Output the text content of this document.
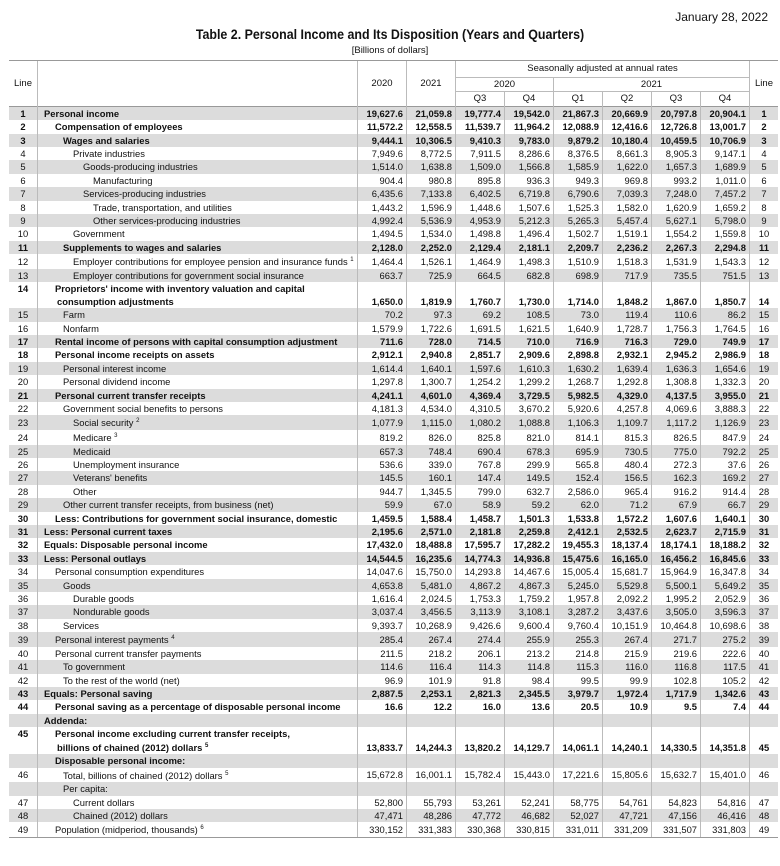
January 28, 2022
Table 2. Personal Income and Its Disposition (Years and Quarters)
[Billions of dollars]
Line		2020	2021	Seasonally adjusted at annual rates						Line
				2020		2021				
				Q3	Q4	Q1	Q2	Q3	Q4	
1	Personal income	19,627.6	21,059.8	19,777.4	19,542.0	21,867.3	20,669.9	20,797.8	20,904.1	1
2	Compensation of employees	11,572.2	12,558.5	11,539.7	11,964.2	12,088.9	12,416.6	12,726.8	13,001.7	2
3	Wages and salaries	9,444.1	10,306.5	9,410.3	9,783.0	9,879.2	10,180.4	10,459.5	10,706.9	3
4	Private industries	7,949.6	8,772.5	7,911.5	8,286.6	8,376.5	8,661.3	8,905.3	9,147.1	4
5	Goods-producing industries	1,514.0	1,638.8	1,509.0	1,566.8	1,585.9	1,622.0	1,657.3	1,689.9	5
6	Manufacturing	904.4	980.8	895.8	936.3	949.3	969.8	993.2	1,011.0	6
7	Services-producing industries	6,435.6	7,133.8	6,402.5	6,719.8	6,790.6	7,039.3	7,248.0	7,457.2	7
8	Trade, transportation, and utilities	1,443.2	1,596.9	1,448.6	1,507.6	1,525.3	1,582.0	1,620.9	1,659.2	8
9	Other services-producing industries	4,992.4	5,536.9	4,953.9	5,212.3	5,265.3	5,457.4	5,627.1	5,798.0	9
10	Government	1,494.5	1,534.0	1,498.8	1,496.4	1,502.7	1,519.1	1,554.2	1,559.8	10
11	Supplements to wages and salaries	2,128.0	2,252.0	2,129.4	2,181.1	2,209.7	2,236.2	2,267.3	2,294.8	11
12	Employer contributions for employee pension and insurance funds $^1$	1,464.4	1,526.1	1,464.9	1,498.3	1,510.9	1,518.3	1,531.9	1,543.3	12
13	Employer contributions for government social insurance	663.7	725.9	664.5	682.8	698.9	717.9	735.5	751.5	13
14	Proprietors' income with inventory valuation and capital
consumption adjustments	1,650.0	1,819.9	1,760.7	1,730.0	1,714.0	1,848.2	1,867.0	1,850.7	14
15	Farm	70.2	97.3	69.2	108.5	73.0	119.4	110.6	86.2	15
16	Nonfarm	1,579.9	1,722.6	1,691.5	1,621.5	1,640.9	1,728.7	1,756.3	1,764.5	16
17	Rental income of persons with capital consumption adjustment	711.6	728.0	714.5	710.0	716.9	716.3	729.0	749.9	17
18	Personal income receipts on assets	2,912.1	2,940.8	2,851.7	2,909.6	2,898.8	2,932.1	2,945.2	2,986.9	18
19	Personal interest income	1,614.4	1,640.1	1,597.6	1,610.3	1,630.2	1,639.4	1,636.3	1,654.6	19
20	Personal dividend income	1,297.8	1,300.7	1,254.2	1,299.2	1,268.7	1,292.8	1,308.8	1,332.3	20
21	Personal current transfer receipts	4,241.1	4,601.0	4,369.4	3,729.5	5,982.5	4,329.0	4,137.5	3,955.0	21
22	Government social benefits to persons	4,181.3	4,534.0	4,310.5	3,670.2	5,920.6	4,257.8	4,069.6	3,888.3	22
23	Social security $^2$	1,077.9	1,115.0	1,080.2	1,088.8	1,106.3	1,109.7	1,117.2	1,126.9	23
24	Medicare $^3$	819.2	826.0	825.8	821.0	814.1	815.3	826.5	847.9	24
25	Medicaid	657.3	748.4	690.4	678.3	695.9	730.5	775.0	792.2	25
26	Unemployment insurance	536.6	339.0	767.8	299.9	565.8	480.4	272.3	37.6	26
27	Veterans' benefits	145.5	160.1	147.4	149.5	152.4	156.5	162.3	169.2	27
28	Other	944.7	1,345.5	799.0	632.7	2,586.0	965.4	916.2	914.4	28
29	Other current transfer receipts, from business (net)	59.9	67.0	58.9	59.2	62.0	71.2	67.9	66.7	29
30	Less: Contributions for government social insurance, domestic	1,459.5	1,588.4	1,458.7	1,501.3	1,533.8	1,572.2	1,607.6	1,640.1	30
31	Less: Personal current taxes	2,195.6	2,571.0	2,181.8	2,259.8	2,412.1	2,532.5	2,623.7	2,715.9	31
32	Equals: Disposable personal income	17,432.0	18,488.8	17,595.7	17,282.2	19,455.3	18,137.4	18,174.1	18,188.2	32
33	Less: Personal outlays	14,544.5	16,235.6	14,774.3	14,936.8	15,475.6	16,165.0	16,456.2	16,845.6	33
34	Personal consumption expenditures	14,047.6	15,750.0	14,293.8	14,467.6	15,005.4	15,681.7	15,964.9	16,347.8	34
35	Goods	4,653.8	5,481.0	4,867.2	4,867.3	5,245.0	5,529.8	5,500.1	5,649.2	35
36	Durable goods	1,616.4	2,024.5	1,753.3	1,759.2	1,957.8	2,092.2	1,995.2	2,052.9	36
37	Nondurable goods	3,037.4	3,456.5	3,113.9	3,108.1	3,287.2	3,437.6	3,505.0	3,596.3	37
38	Services	9,393.7	10,268.9	9,426.6	9,600.4	9,760.4	10,151.9	10,464.8	10,698.6	38
39	Personal interest payments $^4$	285.4	267.4	274.4	255.9	255.3	267.4	271.7	275.2	39
40	Personal current transfer payments	211.5	218.2	206.1	213.2	214.8	215.9	219.6	222.6	40
41	To government	114.6	116.4	114.3	114.8	115.3	116.0	116.8	117.5	41
42	To the rest of the world (net)	96.9	101.9	91.8	98.4	99.5	99.9	102.8	105.2	42
43	Equals: Personal saving	2,887.5	2,253.1	2,821.3	2,345.5	3,979.7	1,972.4	1,717.9	1,342.6	43
44	Personal saving as a percentage of disposable personal income	16.6	12.2	16.0	13.6	20.5	10.9	9.5	7.4	44

	Addenda:									

45	Personal income excluding current transfer receipts,
billions of chained (2012) dollars $^5$	13,833.7	14,244.3	13,820.2	14,129.7	14,061.1	14,240.1	14,330.5	14,351.8	45

	Disposable personal income:									

46	Total, billions of chained (2012) dollars $^5$	15,672.8	16,001.1	15,782.4	15,443.0	17,221.6	15,805.6	15,632.7	15,401.0	46

	Per capita:									

47	Current dollars	52,800	55,793	53,261	52,241	58,775	54,761	54,823	54,816	47
48	Chained (2012) dollars	47,471	48,286	47,772	46,682	52,027	47,721	47,156	46,416	48
49	Population (midperiod, thousands) $^6$	330,152	331,383	330,368	330,815	331,011	331,209	331,507	331,803	49
